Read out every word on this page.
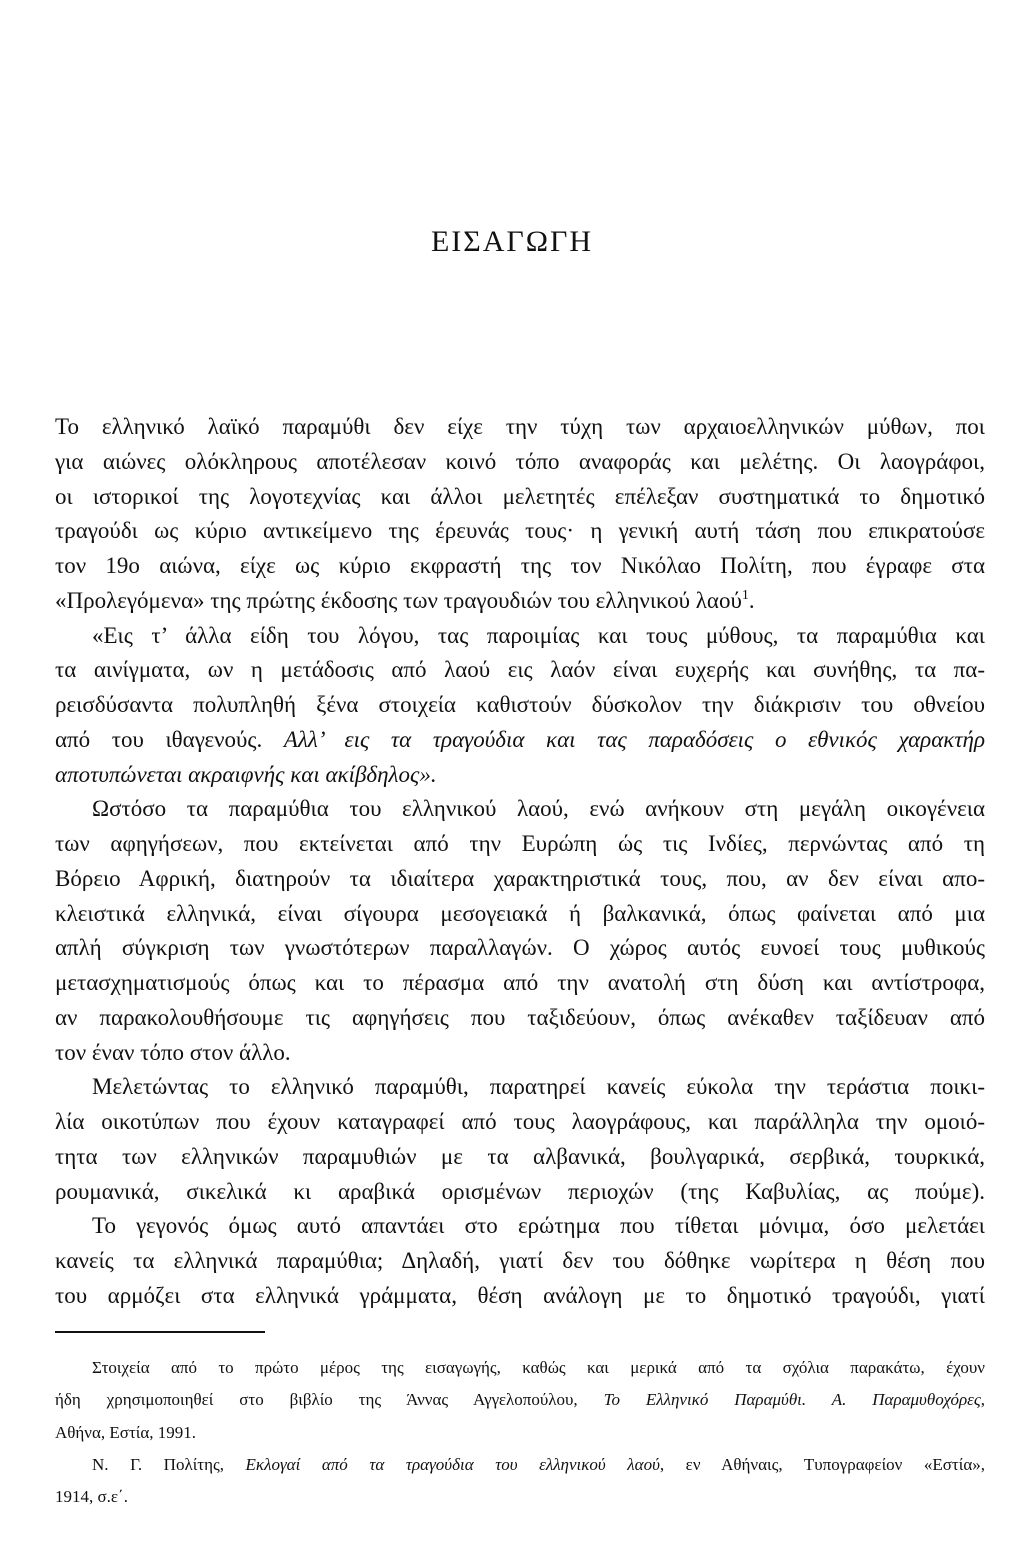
ΕΙΣΑΓΩΓΗ
Το ελληνικό λαϊκό παραμύθι δεν είχε την τύχη των αρχαιοελληνικών μύθων, ποι
για αιώνες ολόκληρους αποτέλεσαν κοινό τόπο αναφοράς και μελέτης. Οι λαογράφοι,
οι ιστορικοί της λογοτεχνίας και άλλοι μελετητές επέλεξαν συστηματικά το δημοτικό
τραγούδι ως κύριο αντικείμενο της έρευνάς τους· η γενική αυτή τάση που επικρατούσε
τον 19ο αιώνα, είχε ως κύριο εκφραστή της τον Νικόλαο Πολίτη, που έγραφε στα
«Προλεγόμενα» της πρώτης έκδοσης των τραγουδιών του ελληνικού λαού$^1$.
«Εις τ’ άλλα είδη του λόγου, τας παροιμίας και τους μύθους, τα παραμύθια και
τα αινίγματα, ων η μετάδοσις από λαού εις λαόν είναι ευχερής και συνήθης, τα πα-
ρεισδύσαντα πολυπληθή ξένα στοιχεία καθιστούν δύσκολον την διάκρισιν του οθνείου
από του ιθαγενούς. Αλλ’ εις τα τραγούδια και τας παραδόσεις ο εθνικός χαρακτήρ
αποτυπώνεται ακραιφνής και ακίβδηλος».
Ωστόσο τα παραμύθια του ελληνικού λαού, ενώ ανήκουν στη μεγάλη οικογένεια
των αφηγήσεων, που εκτείνεται από την Ευρώπη ώς τις Ινδίες, περνώντας από τη
Βόρειο Αφρική, διατηρούν τα ιδιαίτερα χαρακτηριστικά τους, που, αν δεν είναι απο-
κλειστικά ελληνικά, είναι σίγουρα μεσογειακά ή βαλκανικά, όπως φαίνεται από μια
απλή σύγκριση των γνωστότερων παραλλαγών. Ο χώρος αυτός ευνοεί τους μυθικούς
μετασχηματισμούς όπως και το πέρασμα από την ανατολή στη δύση και αντίστροφα,
αν παρακολουθήσουμε τις αφηγήσεις που ταξιδεύουν, όπως ανέκαθεν ταξίδευαν από
τον έναν τόπο στον άλλο.
Μελετώντας το ελληνικό παραμύθι, παρατηρεί κανείς εύκολα την τεράστια ποικι-
λία οικοτύπων που έχουν καταγραφεί από τους λαογράφους, και παράλληλα την ομοιό-
τητα των ελληνικών παραμυθιών με τα αλβανικά, βουλγαρικά, σερβικά, τουρκικά,
ρουμανικά, σικελικά κι αραβικά ορισμένων περιοχών (της Καβυλίας, ας πούμε).
Το γεγονός όμως αυτό απαντάει στο ερώτημα που τίθεται μόνιμα, όσο μελετάει
κανείς τα ελληνικά παραμύθια; Δηλαδή, γιατί δεν του δόθηκε νωρίτερα η θέση που
του αρμόζει στα ελληνικά γράμματα, θέση ανάλογη με το δημοτικό τραγούδι, γιατί
Στοιχεία από το πρώτο μέρος της εισαγωγής, καθώς και μερικά από τα σχόλια παρακάτω, έχουν
ήδη χρησιμοποιηθεί στο βιβλίο της Άννας Αγγελοπούλου, Το Ελληνικό Παραμύθι. Α. Παραμυθοχόρες,
Αθήνα, Εστία, 1991.
Ν. Γ. Πολίτης, Εκλογαί από τα τραγούδια του ελληνικού λαού, εν Αθήναις, Τυπογραφείον «Εστία»,
1914, σ.ε΄.
